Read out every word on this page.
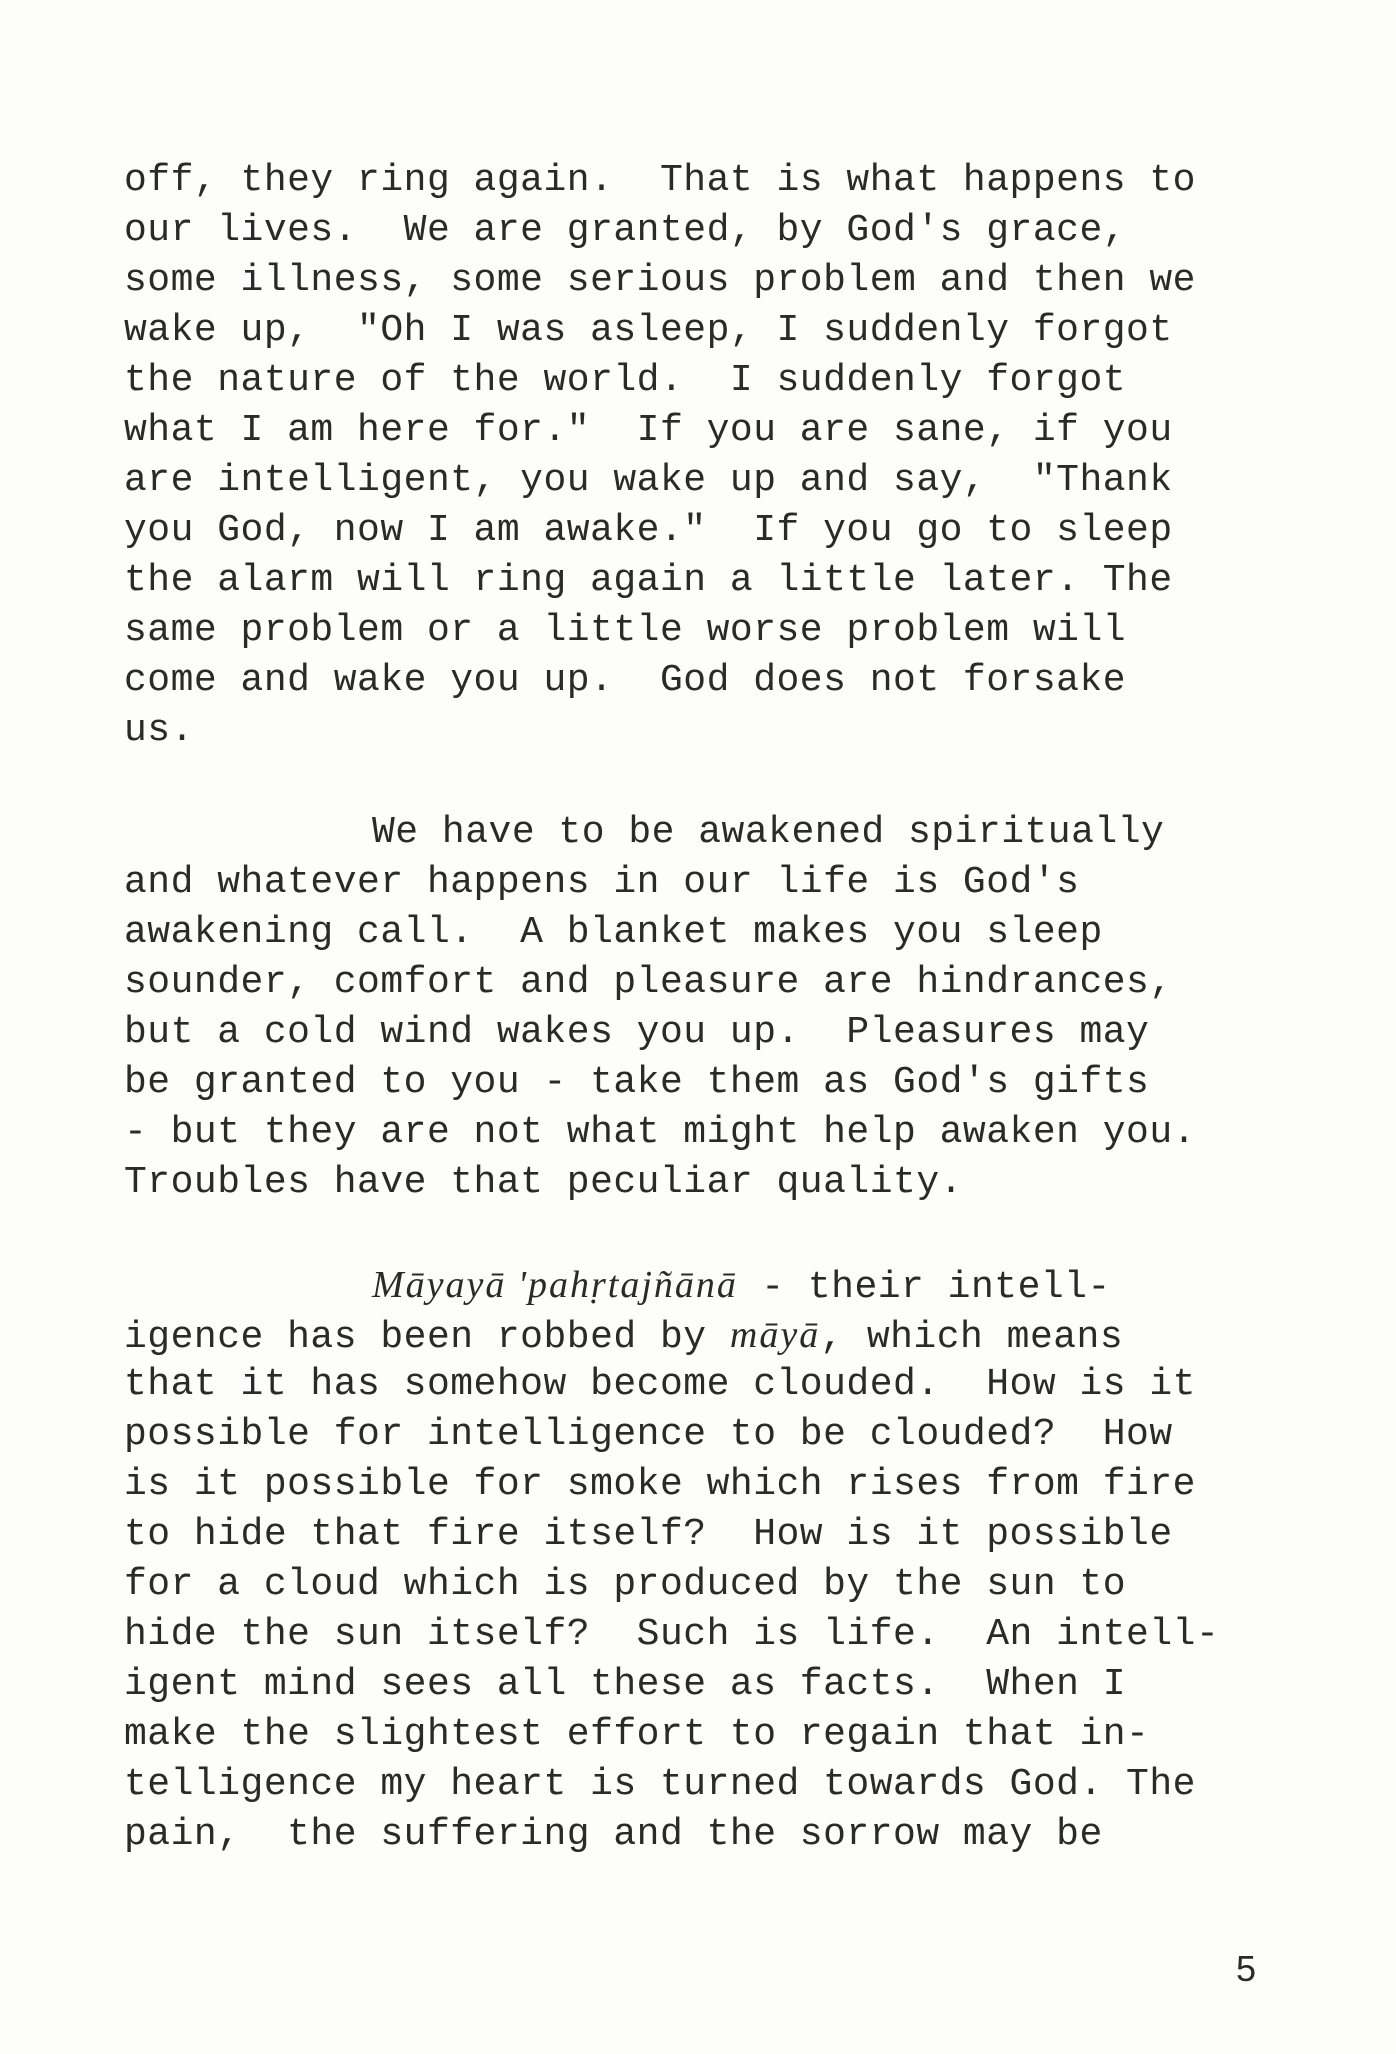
off, they ring again.  That is what happens to
our lives.  We are granted, by God's grace,
some illness, some serious problem and then we
wake up,  "Oh I was asleep, I suddenly forgot
the nature of the world.  I suddenly forgot
what I am here for."  If you are sane, if you
are intelligent, you wake up and say,  "Thank
you God, now I am awake."  If you go to sleep
the alarm will ring again a little later. The
same problem or a little worse problem will
come and wake you up.  God does not forsake
us.
We have to be awakened spiritually
and whatever happens in our life is God's
awakening call.  A blanket makes you sleep
sounder, comfort and pleasure are hindrances,
but a cold wind wakes you up.  Pleasures may
be granted to you - take them as God's gifts
- but they are not what might help awaken you.
Troubles have that peculiar quality.
Māyayā 'pahṛtajñānā - their intell-
igence has been robbed by māyā, which means
that it has somehow become clouded.  How is it
possible for intelligence to be clouded?  How
is it possible for smoke which rises from fire
to hide that fire itself?  How is it possible
for a cloud which is produced by the sun to
hide the sun itself?  Such is life.  An intell-
igent mind sees all these as facts.  When I
make the slightest effort to regain that in-
telligence my heart is turned towards God. The
pain,  the suffering and the sorrow may be
5
